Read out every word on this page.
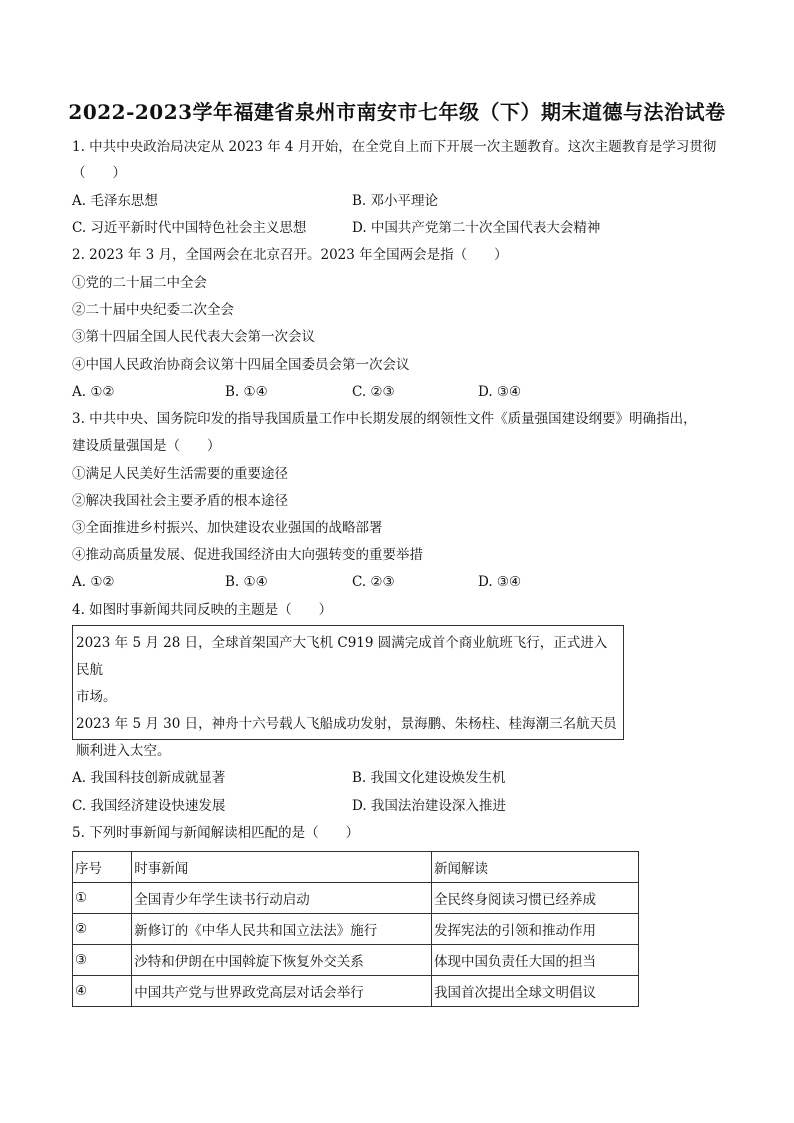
2022-2023学年福建省泉州市南安市七年级（下）期末道德与法治试卷
1. 中共中央政治局决定从 2023 年 4 月开始，在全党自上而下开展一次主题教育。这次主题教育是学习贯彻
（　　）
A. 毛泽东思想	B. 邓小平理论
C. 习近平新时代中国特色社会主义思想	D. 中国共产党第二十次全国代表大会精神
2. 2023 年 3 月，全国两会在北京召开。2023 年全国两会是指（　　）
①党的二十届二中全会
②二十届中央纪委二次全会
③第十四届全国人民代表大会第一次会议
④中国人民政治协商会议第十四届全国委员会第一次会议
A. ①②	B. ①④	C. ②③	D. ③④
3. 中共中央、国务院印发的指导我国质量工作中长期发展的纲领性文件《质量强国建设纲要》明确指出，
建设质量强国是（　　）
①满足人民美好生活需要的重要途径
②解决我国社会主要矛盾的根本途径
③全面推进乡村振兴、加快建设农业强国的战略部署
④推动高质量发展、促进我国经济由大向强转变的重要举措
A. ①②	B. ①④	C. ②③	D. ③④
4. 如图时事新闻共同反映的主题是（　　）

2023 年 5 月 28 日，全球首架国产大飞机 C919 圆满完成首个商业航班飞行，正式进入民航

市场。

2023 年 5 月 30 日，神舟十六号载人飞船成功发射，景海鹏、朱杨柱、桂海潮三名航天员

顺利进入太空。

A. 我国科技创新成就显著	B. 我国文化建设焕发生机
C. 我国经济建设快速发展	D. 我国法治建设深入推进
5. 下列时事新闻与新闻解读相匹配的是（　　）
序号	时事新闻	新闻解读
①	全国青少年学生读书行动启动	全民终身阅读习惯已经养成
②	新修订的《中华人民共和国立法法》施行	发挥宪法的引领和推动作用
③	沙特和伊朗在中国斡旋下恢复外交关系	体现中国负责任大国的担当
④	中国共产党与世界政党高层对话会举行	我国首次提出全球文明倡议
